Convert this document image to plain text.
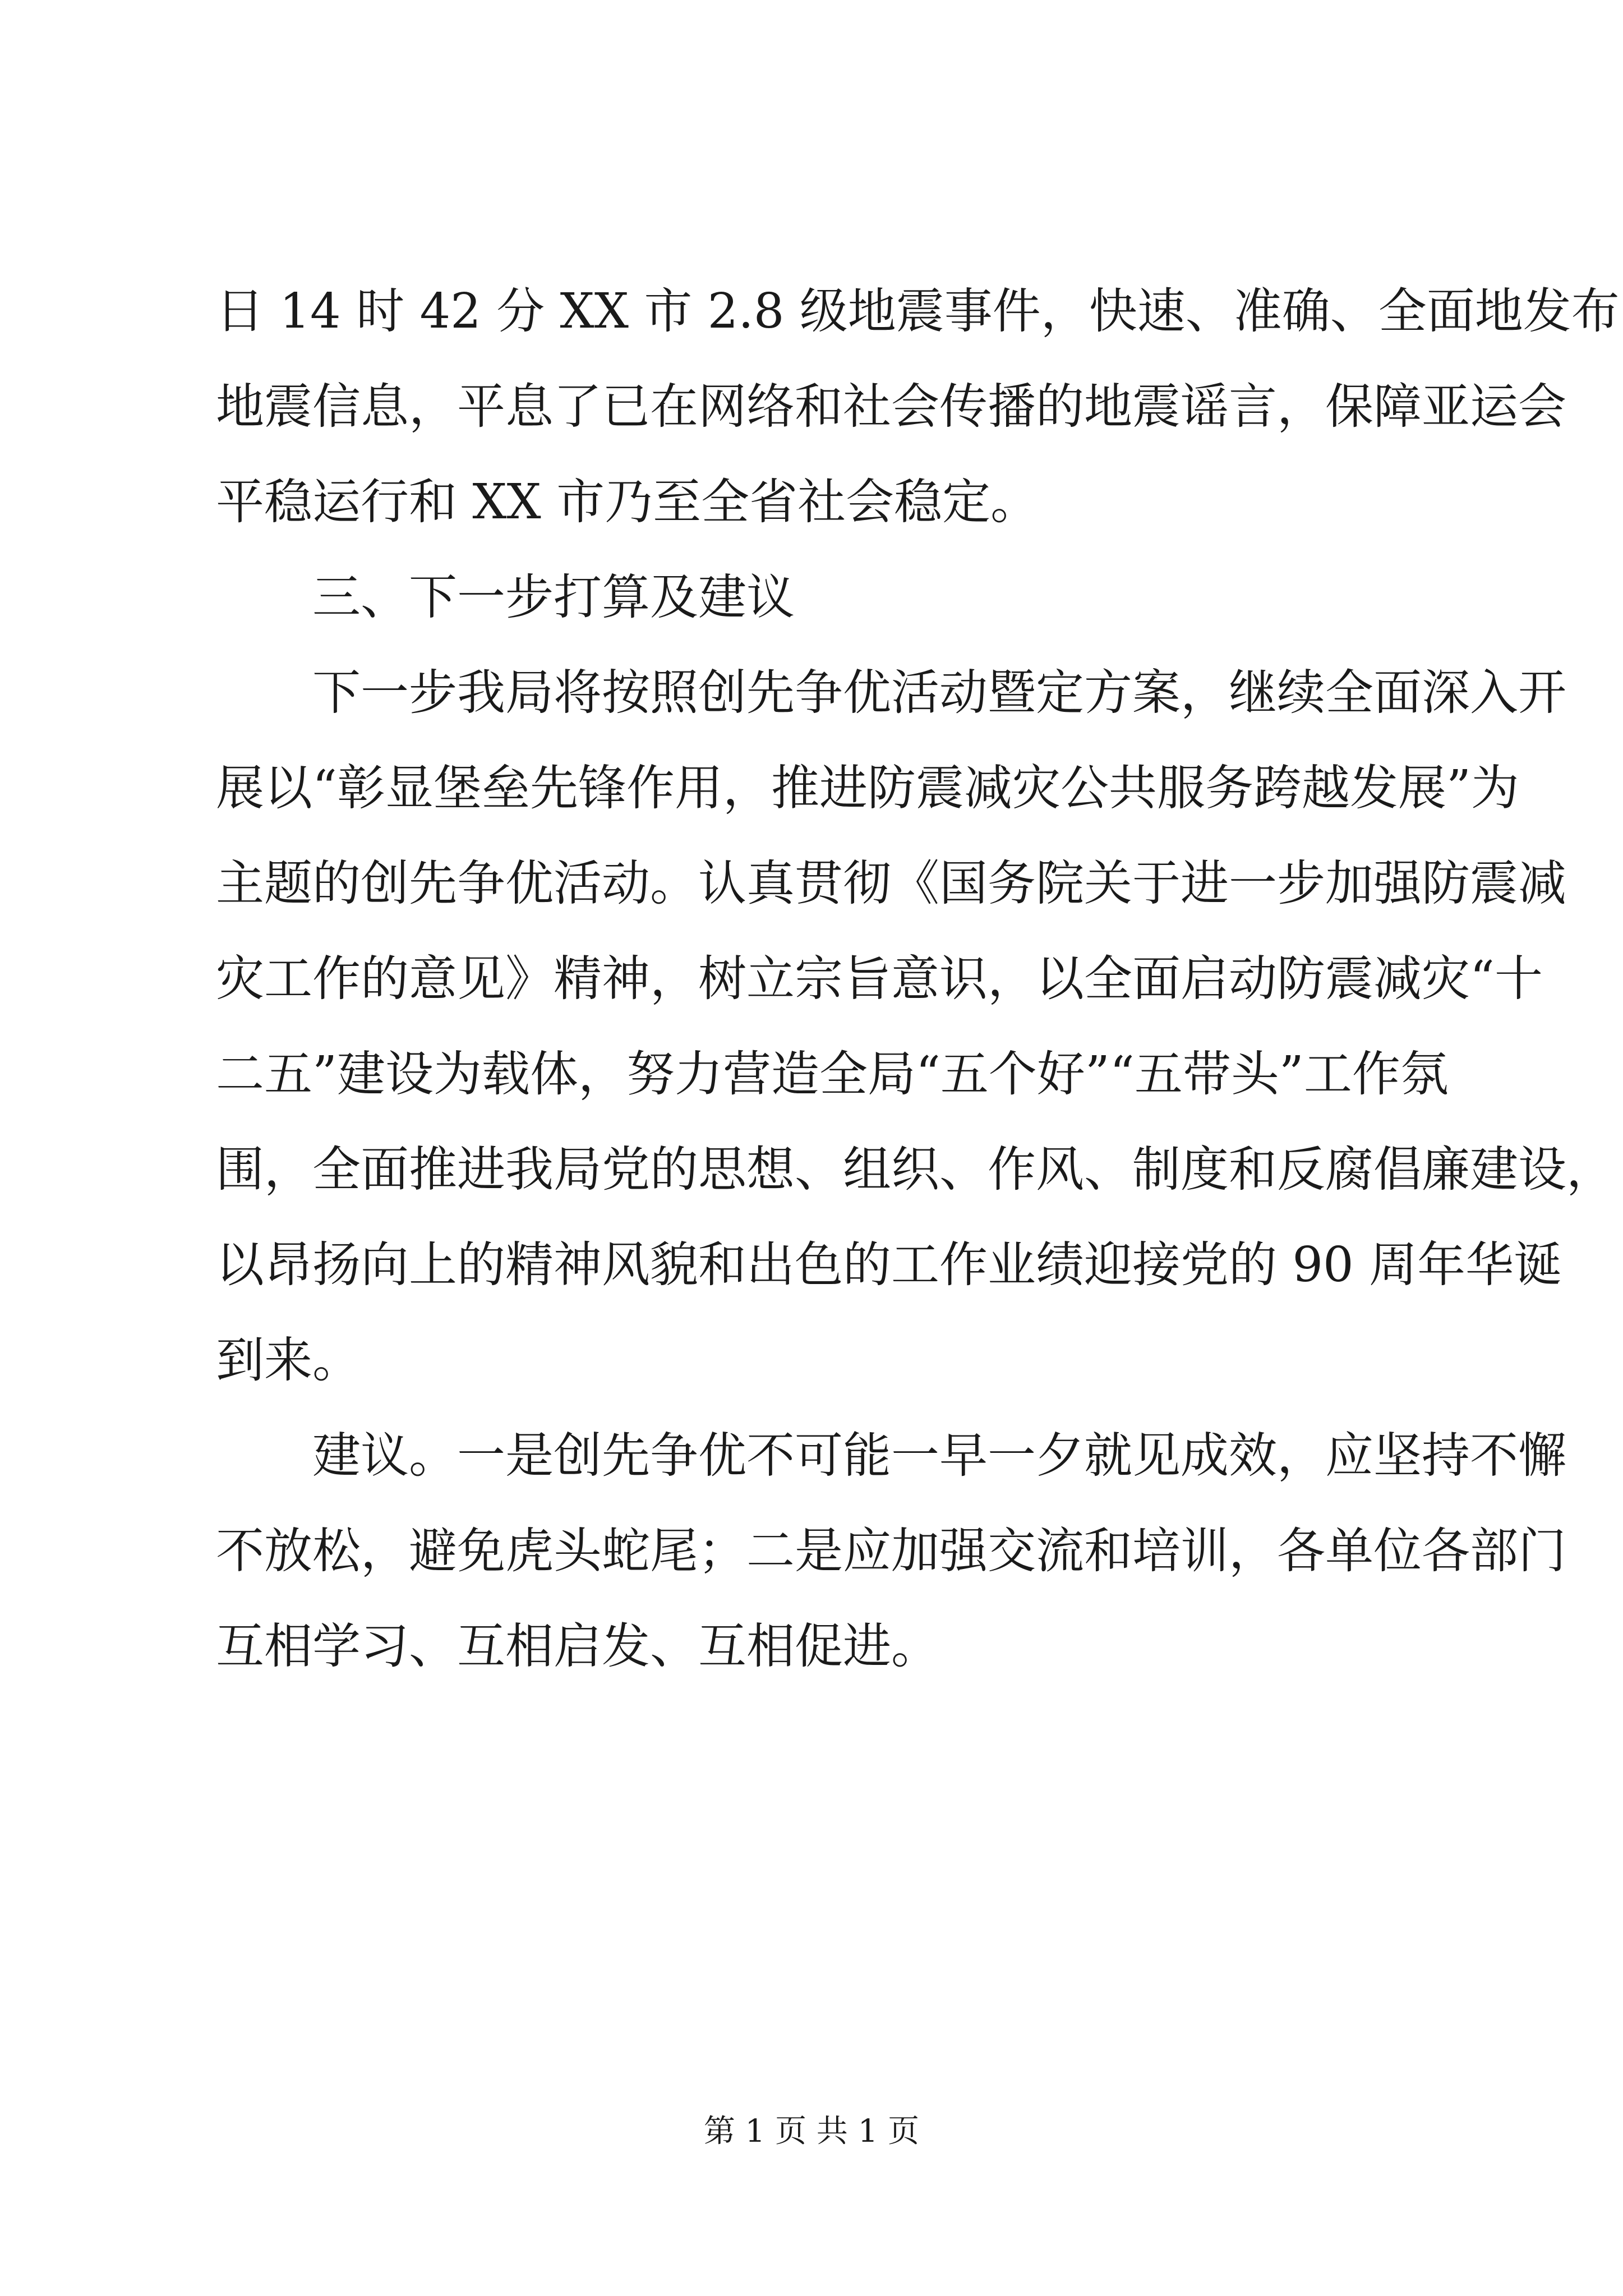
日 14 时 42 分 XX 市 2.8 级地震事件，快速、准确、全面地发布
地震信息，平息了已在网络和社会传播的地震谣言，保障亚运会
平稳运行和 XX 市乃至全省社会稳定。
三、下一步打算及建议
下一步我局将按照创先争优活动暨定方案，继续全面深入开
展以“彰显堡垒先锋作用，推进防震减灾公共服务跨越发展”为
主题的创先争优活动。认真贯彻《国务院关于进一步加强防震减
灾工作的意见》精神，树立宗旨意识，以全面启动防震减灾“十
二五”建设为载体，努力营造全局“五个好”“五带头”工作氛
围，全面推进我局党的思想、组织、作风、制度和反腐倡廉建设，
以昂扬向上的精神风貌和出色的工作业绩迎接党的 90 周年华诞
到来。
建议。一是创先争优不可能一早一夕就见成效，应坚持不懈
不放松，避免虎头蛇尾；二是应加强交流和培训，各单位各部门
互相学习、互相启发、互相促进。
第 1 页 共 1 页
